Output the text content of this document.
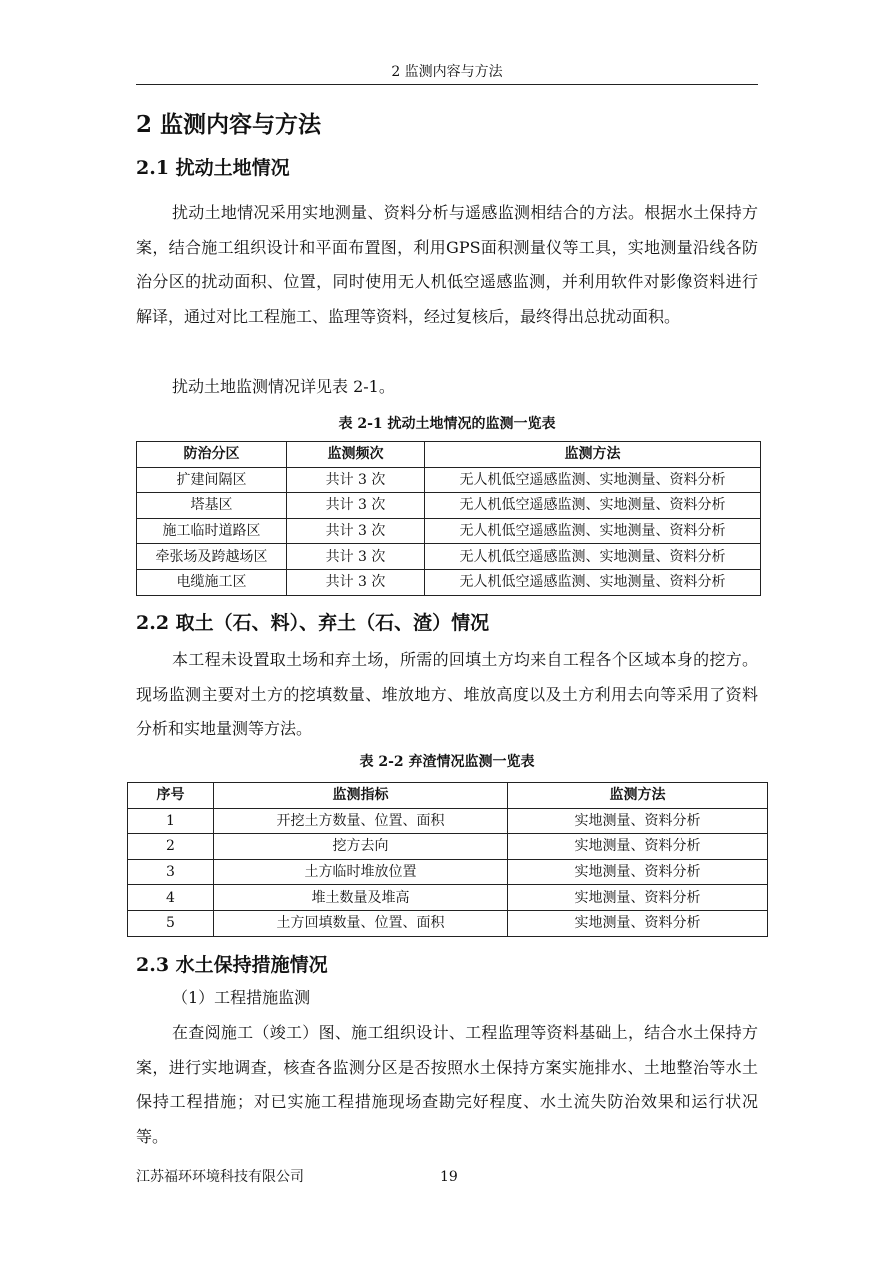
2 监测内容与方法
2 监测内容与方法
2.1 扰动土地情况

扰动土地情况采用实地测量、资料分析与遥感监测相结合的方法。根据水土保持方案，结合施工组织设计和平面布置图，利用GPS面积测量仪等工具，实地测量沿线各防治分区的扰动面积、位置，同时使用无人机低空遥感监测，并利用软件对影像资料进行解译，通过对比工程施工、监理等资料，经过复核后，最终得出总扰动面积。

扰动土地监测情况详见表 2-1。

表 2-1 扰动土地情况的监测一览表
防治分区	监测频次	监测方法
扩建间隔区	共计 3 次	无人机低空遥感监测、实地测量、资料分析
塔基区	共计 3 次	无人机低空遥感监测、实地测量、资料分析
施工临时道路区	共计 3 次	无人机低空遥感监测、实地测量、资料分析
牵张场及跨越场区	共计 3 次	无人机低空遥感监测、实地测量、资料分析
电缆施工区	共计 3 次	无人机低空遥感监测、实地测量、资料分析
2.2 取土（石、料）、弃土（石、渣）情况

本工程未设置取土场和弃土场，所需的回填土方均来自工程各个区域本身的挖方。现场监测主要对土方的挖填数量、堆放地方、堆放高度以及土方利用去向等采用了资料分析和实地量测等方法。

表 2-2 弃渣情况监测一览表
序号	监测指标	监测方法
1	开挖土方数量、位置、面积	实地测量、资料分析
2	挖方去向	实地测量、资料分析
3	土方临时堆放位置	实地测量、资料分析
4	堆土数量及堆高	实地测量、资料分析
5	土方回填数量、位置、面积	实地测量、资料分析
2.3 水土保持措施情况

（1）工程措施监测

在查阅施工（竣工）图、施工组织设计、工程监理等资料基础上，结合水土保持方案，进行实地调查，核查各监测分区是否按照水土保持方案实施排水、土地整治等水土保持工程措施；对已实施工程措施现场查勘完好程度、水土流失防治效果和运行状况等。

江苏福环环境科技有限公司	19
